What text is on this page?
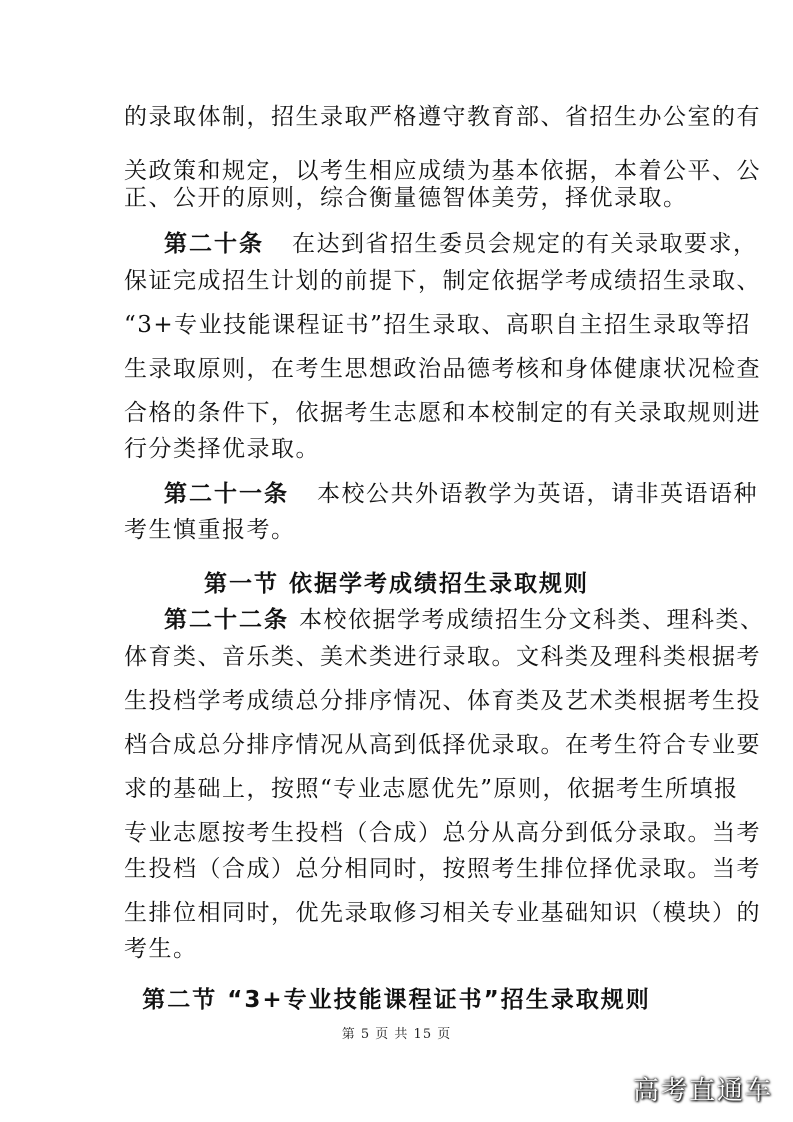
的录取体制，招生录取严格遵守教育部、省招生办公室的有
关政策和规定，以考生相应成绩为基本依据，本着公平、公
正、公开的原则，综合衡量德智体美劳，择优录取。
第二十条 在达到省招生委员会规定的有关录取要求，
保证完成招生计划的前提下，制定依据学考成绩招生录取、
“3+专业技能课程证书”招生录取、高职自主招生录取等招
生录取原则，在考生思想政治品德考核和身体健康状况检查
合格的条件下，依据考生志愿和本校制定的有关录取规则进
行分类择优录取。
第二十一条 本校公共外语教学为英语，请非英语语种
考生慎重报考。
第一节 依据学考成绩招生录取规则
第二十二条 本校依据学考成绩招生分文科类、理科类、
体育类、音乐类、美术类进行录取。文科类及理科类根据考
生投档学考成绩总分排序情况、体育类及艺术类根据考生投
档合成总分排序情况从高到低择优录取。在考生符合专业要
求的基础上，按照“专业志愿优先”原则，依据考生所填报
专业志愿按考生投档（合成）总分从高分到低分录取。当考
生投档（合成）总分相同时，按照考生排位择优录取。当考
生排位相同时，优先录取修习相关专业基础知识（模块）的
考生。
第二节 “3+专业技能课程证书”招生录取规则
第 5 页 共 15 页
高考直通车
